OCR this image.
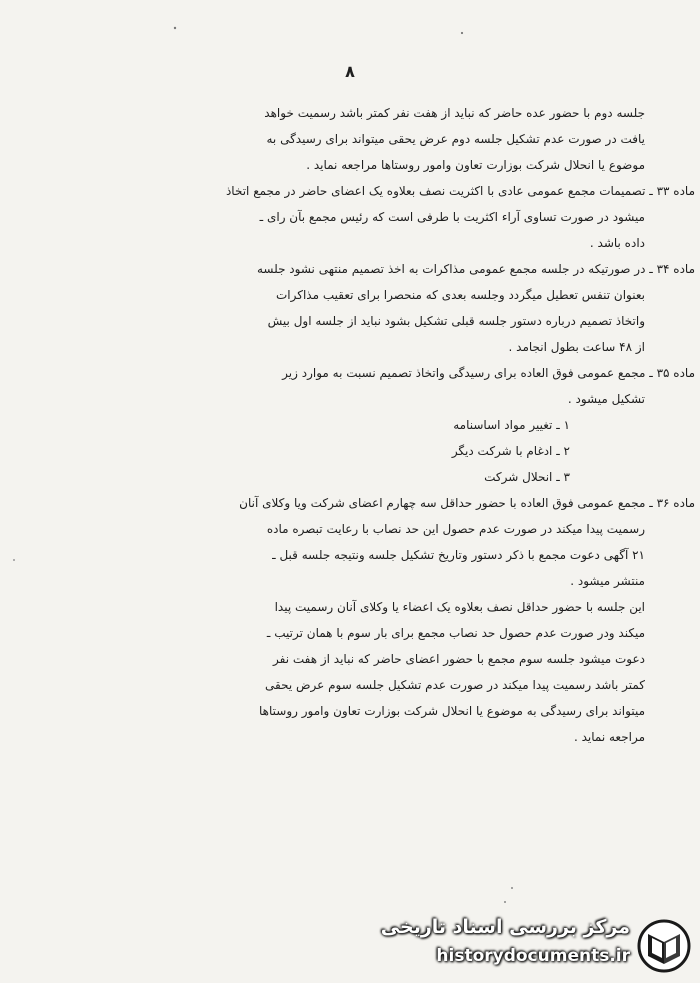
۸
جلسه دوم با حضور عده حاضر که نباید از هفت نفر کمتر باشد رسمیت خواهد
یافت در صورت عدم تشکیل جلسه دوم عرض یحقی میتواند برای رسیدگی به
موضوع یا انحلال شرکت بوزارت تعاون وامور روستاها مراجعه نماید .
ماده ۳۳ ـ تصمیمات مجمع عمومی عادی با اکثریت نصف بعلاوه یک اعضای حاضر در مجمع اتخاذ
میشود در صورت تساوی آراء اکثریت با طرفی است که رئیس مجمع بآن رای ـ
داده باشد .
ماده ۳۴ ـ در صورتیکه در جلسه مجمع عمومی مذاکرات به اخذ تصمیم منتهی نشود جلسه
بعنوان تنفس تعطیل میگردد وجلسه بعدی که منحصرا برای تعقیب مذاکرات
واتخاذ تصمیم درباره دستور جلسه قبلی تشکیل بشود نباید از جلسه اول بیش
از ۴۸ ساعت بطول انجامد .
ماده ۳۵ ـ مجمع عمومی فوق العاده برای رسیدگی واتخاذ تصمیم نسبت به موارد زیر
تشکیل میشود .
۱ ـ تغییر مواد اساسنامه
۲ ـ ادغام با شرکت دیگر
۳ ـ انحلال شرکت
ماده ۳۶ ـ مجمع عمومی فوق العاده با حضور حداقل سه چهارم اعضای شرکت ویا وکلای آنان
رسمیت پیدا میکند در صورت عدم حصول این حد نصاب با رعایت تبصره ماده
۲۱ آگهی دعوت مجمع با ذکر دستور وتاریخ تشکیل جلسه ونتیجه جلسه قبل ـ
منتشر میشود .
این جلسه با حضور حداقل نصف بعلاوه یک اعضاء یا وکلای آنان رسمیت پیدا
میکند ودر صورت عدم حصول حد نصاب مجمع برای بار سوم با همان ترتیب ـ
دعوت میشود جلسه سوم مجمع با حضور اعضای حاضر که نباید از هفت نفر
کمتر باشد رسمیت پیدا میکند در صورت عدم تشکیل جلسه سوم عرض یحقی
میتواند برای رسیدگی به موضوع یا انحلال شرکت بوزارت تعاون وامور روستاها
مراجعه نماید .
مرکز بررسی اسناد تاریخی
historydocuments.ir
